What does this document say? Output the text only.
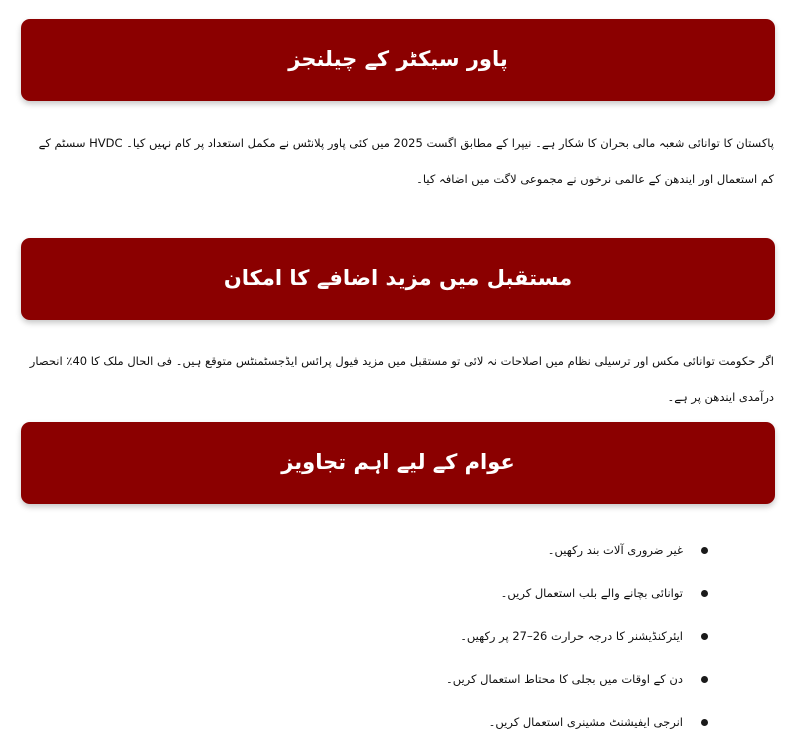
پاور سیکٹر کے چیلنجز

پاکستان کا توانائی شعبہ مالی بحران کا شکار ہے۔ نیپرا کے مطابق اگست 2025 میں کئی پاور پلانٹس نے مکمل استعداد پر کام نہیں کیا۔ HVDC سسٹم کے کم استعمال اور ایندھن کے عالمی نرخوں نے مجموعی لاگت میں اضافہ کیا۔

مستقبل میں مزید اضافے کا امکان

اگر حکومت توانائی مکس اور ترسیلی نظام میں اصلاحات نہ لائی تو مستقبل میں مزید فیول پرائس ایڈجسٹمنٹس متوقع ہیں۔ فی الحال ملک کا 40٪ انحصار درآمدی ایندھن پر ہے۔

عوام کے لیے اہم تجاویز
غیر ضروری آلات بند رکھیں۔
توانائی بچانے والے بلب استعمال کریں۔
ایئرکنڈیشنر کا درجہ حرارت 26–27 پر رکھیں۔
دن کے اوقات میں بجلی کا محتاط استعمال کریں۔
انرجی ایفیشنٹ مشینری استعمال کریں۔
